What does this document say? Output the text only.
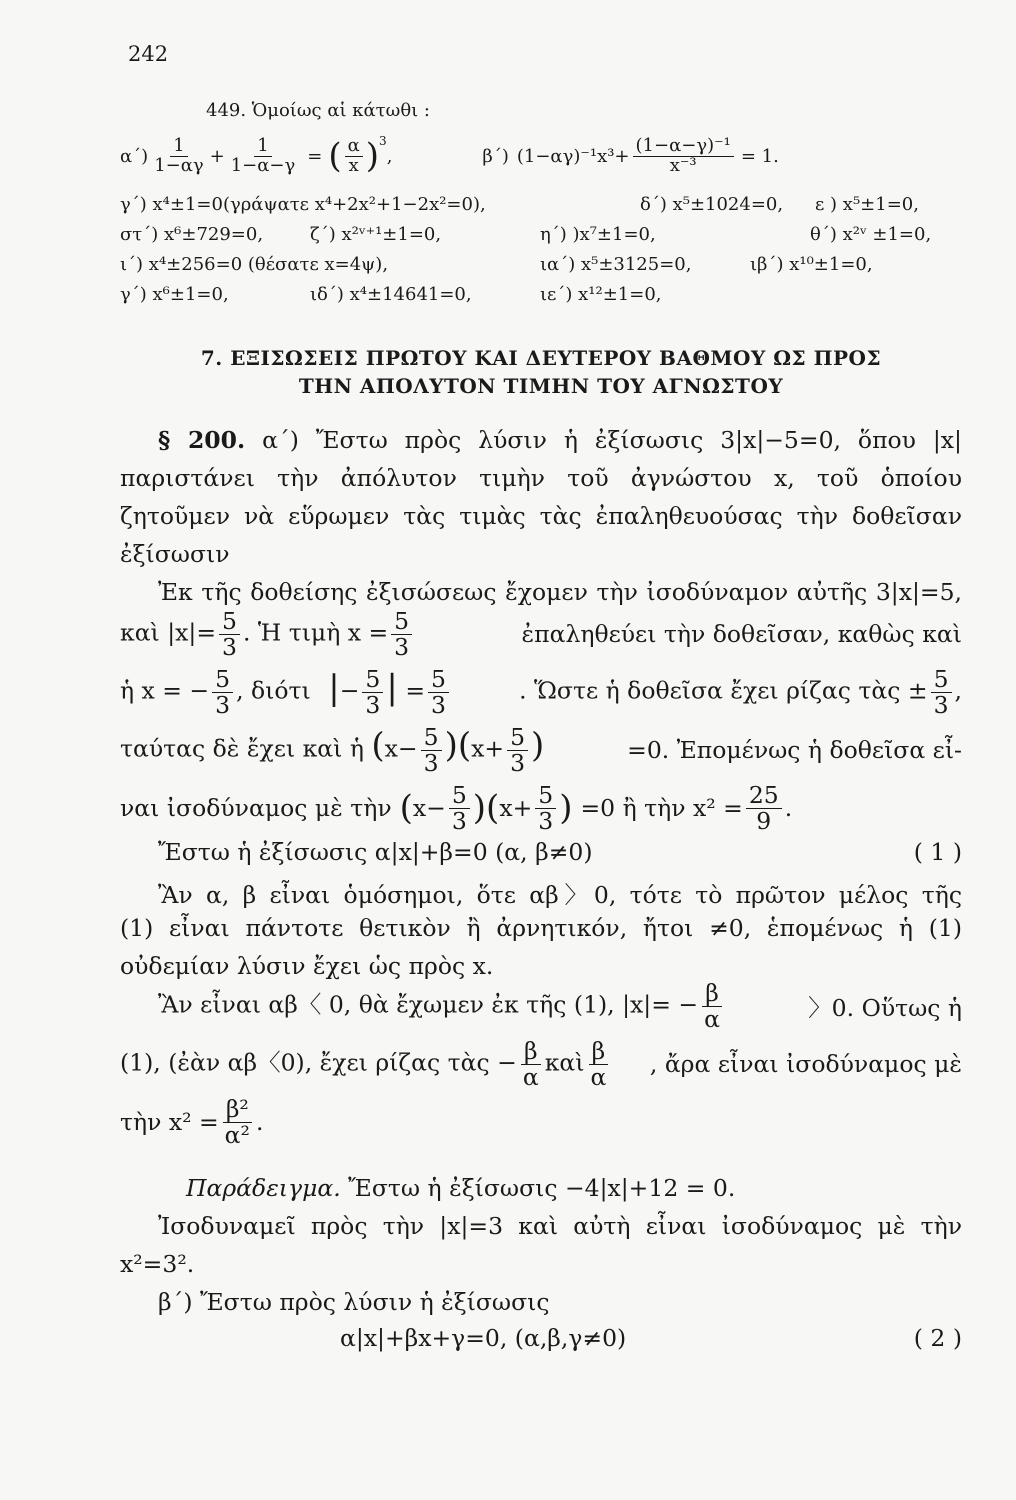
242
449. Ὁμοίως αἱ κάτωθι :
$\alpha΄) \frac{1}{1-\alpha\gamma} + \frac{1}{1-\alpha-\gamma}$ = ( $\frac{\alpha}{x} )^3$
,	β΄) $(1-\alpha\gamma)^{-1}x^3+ \frac{\text{(1−α−γ)⁻¹}}{\text{x⁻³}} = 1$.
γ΄) x⁴±1=0(γράψατε x⁴+2x²+1−2x²=0),	δ΄) x⁵±1024=0, ε ) x⁵±1=0,
στ΄) x⁶±729=0,	ζ΄) x²ᵛ⁺¹±1=0,	η΄) )x⁷±1=0,	θ΄) x²ᵛ ±1=0,
ι΄) x⁴±256=0 (θέσατε x=4ψ),	ια΄) x⁵±3125=0,	ιβ΄) x¹⁰±1=0,
γ΄) x⁶±1=0,	ιδ΄) x⁴±14641=0,	ιε΄) x¹²±1=0,
7. ΕΞΙΣΩΣΕΙΣ ΠΡΩΤΟΥ ΚΑΙ ΔΕΥΤΕΡΟΥ ΒΑΘΜΟΥ ΩΣ ΠΡΟΣ
ΤΗΝ ΑΠΟΛΥΤΟΝ ΤΙΜΗΝ ΤΟΥ ΑΓΝΩΣΤΟΥ
§ 200. α΄) Ἔστω πρὸς λύσιν ἡ ἐξίσωσις 3|x|−5=0, ὅπου |x|
παριστάνει τὴν ἀπόλυτον τιμὴν τοῦ ἀγνώστου x, τοῦ ὁποίου
ζητοῦμεν νὰ εὕρωμεν τὰς τιμὰς τὰς ἐπαληθευούσας τὴν δοθεῖσαν
ἐξίσωσιν
Ἐκ τῆς δοθείσης ἐξισώσεως ἔχομεν τὴν ἰσοδύναμον αὐτῆς 3|x|=5,
καὶ $|x|= \frac{5}{3}$ . Ἡ τιμὴ $x = \frac{5}{3}$	ἐπαληθεύει τὴν δοθεῖσαν, καθὼς καὶ
ἡ x = − $\frac{5}{3}$ , διότι |− $\frac{5}{3}$ | = $\frac{5}{3}$	. Ὥστε ἡ δοθεῖσα ἔχει ρίζας τὰς ± $\frac{5}{3}$ ,
ταύτας δὲ ἔχει καὶ ἡ $(x- \frac{5}{3} )(x+ \frac{5}{3}$ )	=0. Ἐπομένως ἡ δοθεῖσα εἶ-
ναι ἰσοδύναμος μὲ τὴν ( $x- \frac{5}{3}$ )( $x+ \frac{5}{3}$ ) =0 ἢ τὴν $x^2 = \frac{25}{9}$ .
Ἔστω ἡ ἐξίσωσις α|x|+β=0 (α, β≠0)	( 1 )
Ἂν α, β εἶναι ὁμόσημοι, ὅτε αβ〉0, τότε τὸ πρῶτον μέλος τῆς
(1) εἶναι πάντοτε θετικὸν ἢ ἀρνητικόν, ἤτοι ≠0, ἑπομένως ἡ (1)
οὐδεμίαν λύσιν ἔχει ὡς πρὸς x.
Ἂν εἶναι αβ〈 0, θὰ ἔχωμεν ἐκ τῆς (1), $|x|= - \frac{\beta}{\alpha}$	〉0. Οὕτως ἡ
(1), (ἐὰν αβ〈0), ἔχει ρίζας τὰς − $\frac{\beta}{\alpha}$ καὶ $\frac{\beta}{\alpha}$ , ἄρα εἶναι ἰσοδύναμος μὲ
τὴν $x^2 = \frac{\text{β²}}{\text{α²}}$ .
Παράδειγμα. Ἔστω ἡ ἐξίσωσις −4|x|+12 = 0.
Ἰσοδυναμεῖ πρὸς τὴν |x|=3 καὶ αὐτὴ εἶναι ἰσοδύναμος μὲ τὴν
x²=3².
β΄) Ἔστω πρὸς λύσιν ἡ ἐξίσωσις
α|x|+βx+γ=0, (α,β,γ≠0)	( 2 )
